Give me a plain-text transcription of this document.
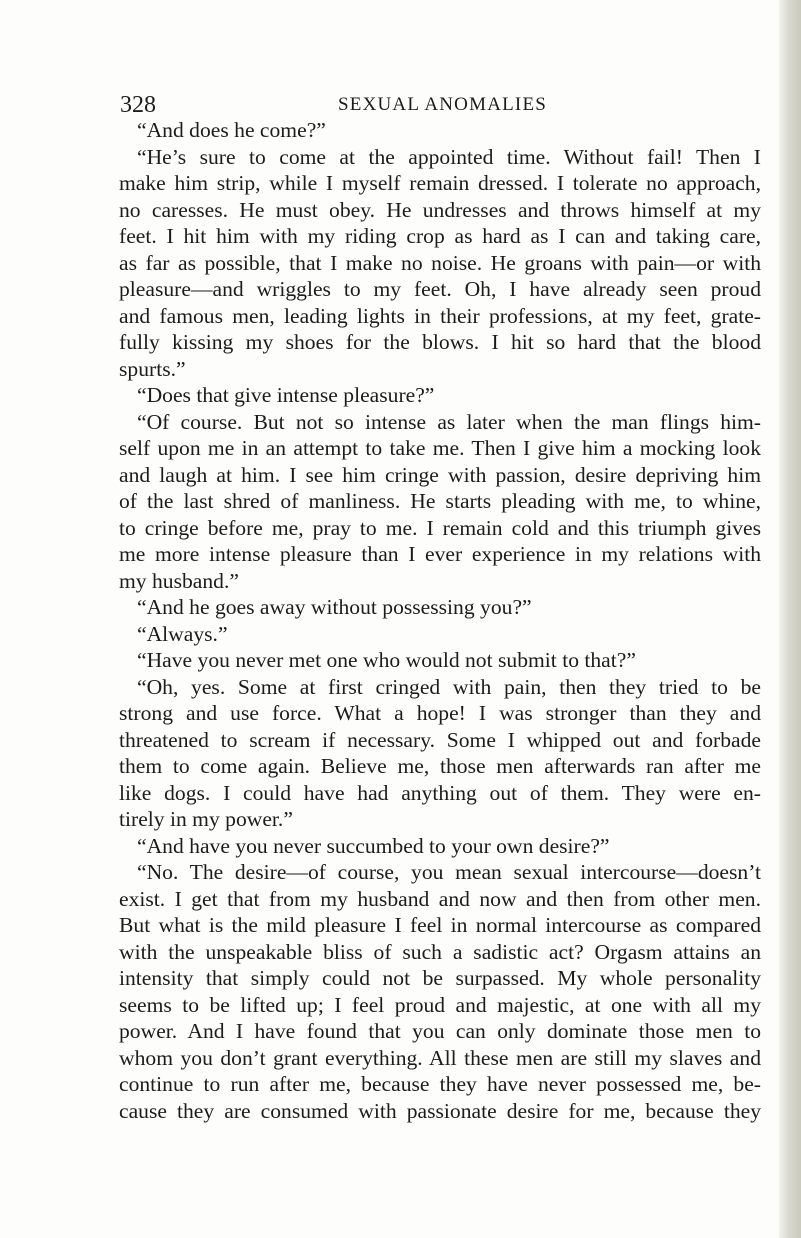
328	SEXUAL ANOMALIES
“And does he come?”
“He’s sure to come at the appointed time. Without fail! Then I
make him strip, while I myself remain dressed. I tolerate no approach,
no caresses. He must obey. He undresses and throws himself at my
feet. I hit him with my riding crop as hard as I can and taking care,
as far as possible, that I make no noise. He groans with pain—or with
pleasure—and wriggles to my feet. Oh, I have already seen proud
and famous men, leading lights in their professions, at my feet, grate-
fully kissing my shoes for the blows. I hit so hard that the blood
spurts.”
“Does that give intense pleasure?”
“Of course. But not so intense as later when the man flings him-
self upon me in an attempt to take me. Then I give him a mocking look
and laugh at him. I see him cringe with passion, desire depriving him
of the last shred of manliness. He starts pleading with me, to whine,
to cringe before me, pray to me. I remain cold and this triumph gives
me more intense pleasure than I ever experience in my relations with
my husband.”
“And he goes away without possessing you?”
“Always.”
“Have you never met one who would not submit to that?”
“Oh, yes. Some at first cringed with pain, then they tried to be
strong and use force. What a hope! I was stronger than they and
threatened to scream if necessary. Some I whipped out and forbade
them to come again. Believe me, those men afterwards ran after me
like dogs. I could have had anything out of them. They were en-
tirely in my power.”
“And have you never succumbed to your own desire?”
“No. The desire—of course, you mean sexual intercourse—doesn’t
exist. I get that from my husband and now and then from other men.
But what is the mild pleasure I feel in normal intercourse as compared
with the unspeakable bliss of such a sadistic act? Orgasm attains an
intensity that simply could not be surpassed. My whole personality
seems to be lifted up; I feel proud and majestic, at one with all my
power. And I have found that you can only dominate those men to
whom you don’t grant everything. All these men are still my slaves and
continue to run after me, because they have never possessed me, be-
cause they are consumed with passionate desire for me, because they
